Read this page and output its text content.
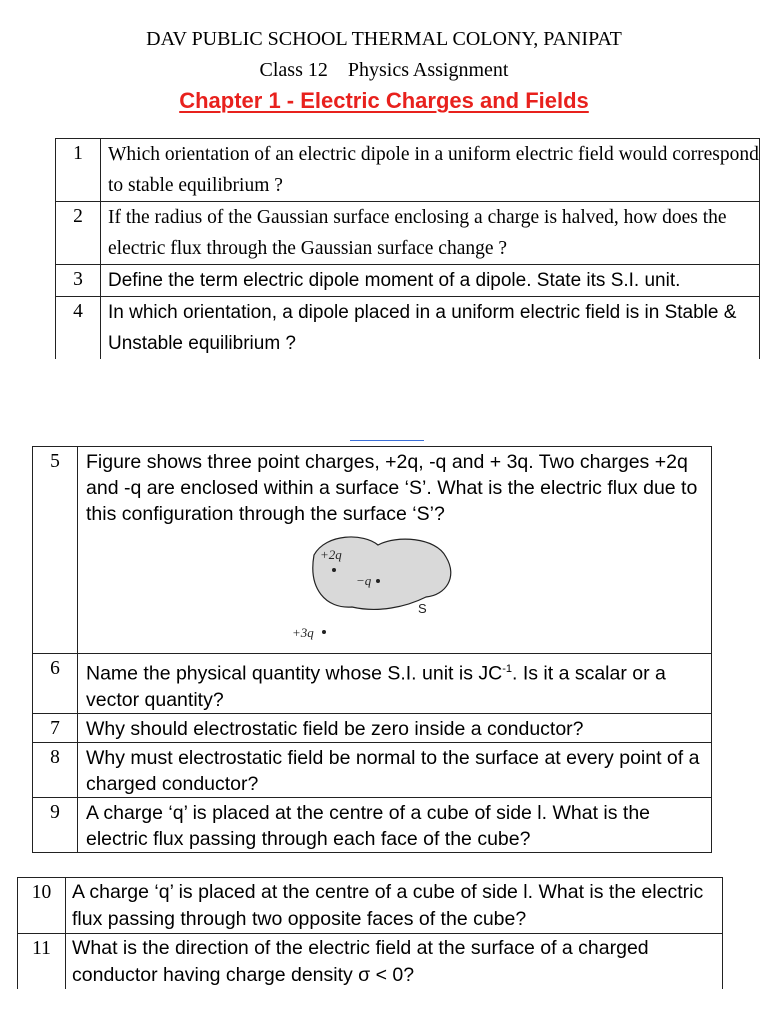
DAV PUBLIC SCHOOL THERMAL COLONY, PANIPAT
Class 12    Physics Assignment
Chapter 1 - Electric Charges and Fields
1	Which orientation of an electric dipole in a uniform electric field would correspond to stable equilibrium ?
2	If the radius of the Gaussian surface enclosing a charge is halved, how does the electric flux through the Gaussian surface change ?
3	Define the term electric dipole moment of a dipole. State its S.I. unit.
4	In which orientation, a dipole placed in a uniform electric field is in Stable & Unstable equilibrium ?
5	Figure shows three point charges, +2q, -q and + 3q. Two charges +2q and -q are enclosed within a surface ‘S’. What is the electric flux due to this configuration through the surface ‘S’?
+2q
−q
+3q
S

6	Name the physical quantity whose S.I. unit is $JC^{-1}$. Is it a scalar or a vector quantity?
7	Why should electrostatic field be zero inside a conductor?
8	Why must electrostatic field be normal to the surface at every point of a charged conductor?
9	A charge ‘q’ is placed at the centre of a cube of side l. What is the electric flux passing through each face of the cube?
10	A charge ‘q’ is placed at the centre of a cube of side l. What is the electric flux passing through two opposite faces of the cube?
11	What is the direction of the electric field at the surface of a charged conductor having charge density σ < 0?
